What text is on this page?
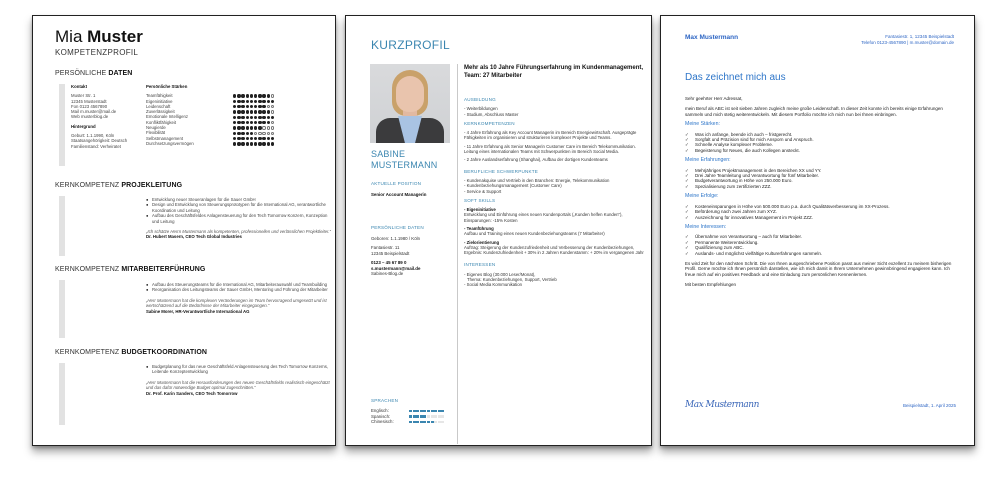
Mia Muster
KOMPETENZPROFIL
PERSÖNLICHE DATEN
Kontakt
Muster Str. 1
12345 Musterstadt
Fon 0123 4567890
Mail m.muster@mail.de
Web musterblog.de
Hintergrund
Geburt: 1.1.1990, Köln
Staatsangehörigkeit: Deutsch
Familienstand: Verheiratet
Persönliche Stärken
Teamfähigkeit
Eigeninitiative
Leidenschaft
Zuverlässigkeit
Emotionale Intelligenz
Konfliktfähigkeit
Neugierde
Flexibilität
Selbstmanagement
Durchsetzungsvermögen
KERNKOMPETENZ PROJEKLEITUNG
● Entwicklung neuer Steueranlagen für die Sauer GmbH
● Design und Entwicklung von Steuerungsprototypen für die International AG, verantwortliche Koordination und Leitung
● Aufbau des Geschäftsfeldes Anlagensteuerung für den Tech Tomorrow Konzern, Konzeption und Leitung
„Ich schätze Herrn Mustermann als kompetenten, professionellen und verlässlichen Projektleiter.“
Dr. Hubert Masern, CEO Tech Global Industries
KERNKOMPETENZ MITARBEITERFÜHRUNG
● Aufbau des Steuerungsteams für die International AG, Mitarbeiterauswahl und Teambuilding
● Reorganisation des Leitungsteams der Sauer GmbH, Mentoring und Führung der Mitarbeiter
„Herr Mustermann hat die komplexen Veränderungen im Team hervorragend umgesetzt und ist wertschätzend auf die Bedürfnisse der Mitarbeiter eingegangen.“
Sabine Morer, HR-Verantwortliche International AG
KERNKOMPETENZ BUDGETKOORDINATION
● Budgetplanung für das neue Geschäftsfeld Anlagensteuerung des Tech Tomorrow Konzerns, Leitende Konzeptentwicklung
„Herr Mustermann hat die Herausforderungen des neuen Geschäftsfelds realistisch eingeschätzt und das dafür notwendige Budget optimal zugeschnitten.“
Dr. Prof. Karin Sanders, CEO Tech Tomorrow
KURZPROFIL
SABINE
MUSTERMANN
AKTUELLE POSITION
Senior Account Managerin
PERSÖNLICHE DATEN
Geboren: 1.1.1980 / Köln
Fantasiestr. 11
12345 Beispielstadt
0123 – 45 67 89 0
s.mustermann@mail.de
Sabines-Blog.de
SPRACHEN
Englisch:
Spanisch:
Chinesisch:
Mehr als 10 Jahre Führungserfahrung im Kundenmanagement, Team: 27 Mitarbeiter
AUSBILDUNG
- Weiterbildungen
- Studium, Abschluss Master
KERNKOMPETENZEN
- 4 Jahre Erfahrung als Key Account Managerin im Bereich Energiewirtschaft. Ausgeprägte Fähigkeiten im organisieren und strukturieren komplexer Projekte und Teams.
- 11 Jahre Erfahrung als Senior Managerin Customer Care im Bereich Telekommunikation. Leitung eines internationalen Teams mit Schwerpunkten im Bereich Social Media.
- 2 Jahre Auslandserfahrung (Shanghai), Aufbau der dortigen Kundenteams
BERUFLICHE SCHWERPUNKTE
- Kundenakquise und Vertrieb in den Branchen: Energie, Telekommunikation
- Kundenbeziehungsmanagement (Customer Care)
- Service & Support
SOFT SKILLS
- Eigeninitiative
Entwicklung und Einführung eines neuen Kundenportals („Kunden helfen Kunden“), Einsparungen: -15% Kosten
- Teamführung
Aufbau und Training eines neuen Kundenbeziehungsteams (7 Mitarbeiter)
- Zielorientierung
Auftrag: Steigerung der Kundenzufriedenheit und Verbesserung der Kundenbeziehungen, Ergebnis: Kundenzufriedenheit + 30% in 2 Jahren Kundenstamm: + 20% im vergangenen Jahr
INTERESSEN
- Eigenes Blog (30.000 Leser/Monat),
Thema: Kundenbeziehungen, Support, Vertrieb
- Social Media Kommunikation
Max Mustermann	Fantasiestr. 1, 12345 Beispielstadt
Telefon 0123-4567890 | m.muster@domain.de
Das zeichnet mich aus

Sehr geehrter Herr Adressat,

mein Beruf als ABC ist seit sieben Jahren zugleich meine große Leidenschaft. In dieser Zeit konnte ich bereits einige Erfahrungen sammeln und mich stetig weiterentwickeln. Mit diesem Portfolio möchte ich mich nun bei Ihnen einbringen.

Meine Stärken:
✓ Was ich anfange, beende ich auch – fristgerecht.
✓ Sorgfalt und Präzision sind für mich Ansporn und Anspruch.
✓ Schnelle Analyse komplexer Probleme.
✓ Begeisterung für Neues, die auch Kollegen ansteckt.
Meine Erfahrungen:
✓ Mehrjähriges Projektmanagement in den Bereichen XX und YY.
✓ Drei Jahre Teamleitung und Verantwortung für fünf Mitarbeiter.
✓ Budgetverantwortung in Höhe von 250.000 Euro.
✓ Spezialisierung zum zertifizierten ZZZ.
Meine Erfolge:
✓ Kosteneinsparungen in Höhe von 500.000 Euro p.a. durch Qualitätsverbesserung im XX-Prozess.
✓ Beförderung nach zwei Jahren zum XYZ.
✓ Auszeichnung für innovatives Management im Projekt ZZZ.
Meine Interessen:
✓ Übernahme von Verantwortung – auch für Mitarbeiter.
✓ Permanente Weiterentwicklung.
✓ Qualifizierung zum ABC.
✓ Auslands- und möglichst vielfältige Kulturerfahrungen sammeln.

Es wird Zeit für den nächsten Schritt. Die von Ihnen ausgeschriebene Position passt aus meiner Sicht exzellent zu meinem bisherigen Profil. Gerne möchte ich Ihnen persönlich darstellen, wie ich mich damit in Ihrem Unternehmen gewinnbringend engagieren kann. Ich freue mich auf ein positives Feedback und eine Einladung zum persönlichen Kennenlernen.

Mit besten Empfehlungen

Max Mustermann	Beispielstadt, 1. April 2025
